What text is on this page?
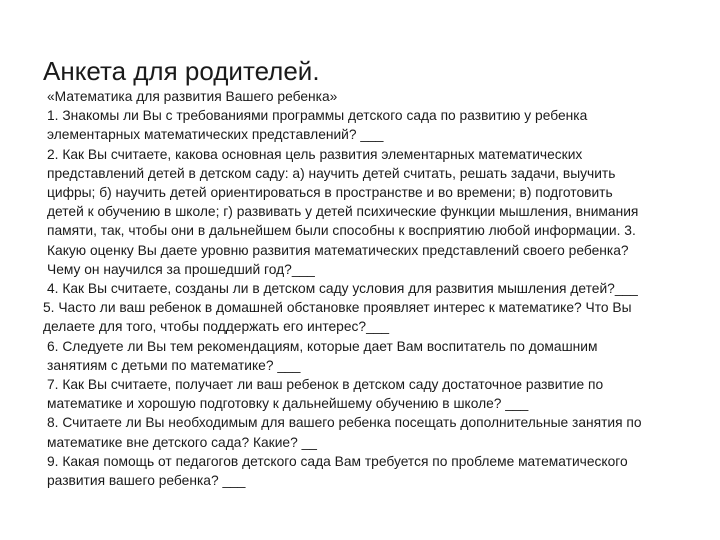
Анкета для родителей.

«Математика для развития Вашего ребенка»

1. Знакомы ли Вы с требованиями программы детского сада по развитию у ребенка
элементарных математических представлений? ___

2. Как Вы считаете, какова основная цель развития элементарных математических
представлений детей в детском саду: а) научить детей считать, решать задачи, выучить
цифры; б) научить детей ориентироваться в пространстве и во времени; в) подготовить
детей к обучению в школе; г) развивать у детей психические функции мышления, внимания
памяти, так, чтобы они в дальнейшем были способны к восприятию любой информации. 3.
Какую оценку Вы даете уровню развития математических представлений своего ребенка?
Чему он научился за прошедший год?___

4. Как Вы считаете, созданы ли в детском саду условия для развития мышления детей?___

5. Часто ли ваш ребенок в домашней обстановке проявляет интерес к математике? Что Вы
делаете для того, чтобы поддержать его интерес?___

6. Следуете ли Вы тем рекомендациям, которые дает Вам воспитатель по домашним
занятиям с детьми по математике? ___

7. Как Вы считаете, получает ли ваш ребенок в детском саду достаточное развитие по
математике и хорошую подготовку к дальнейшему обучению в школе? ___

8. Считаете ли Вы необходимым для вашего ребенка посещать дополнительные занятия по
математике вне детского сада? Какие? __

9. Какая помощь от педагогов детского сада Вам требуется по проблеме математического
развития вашего ребенка? ___
